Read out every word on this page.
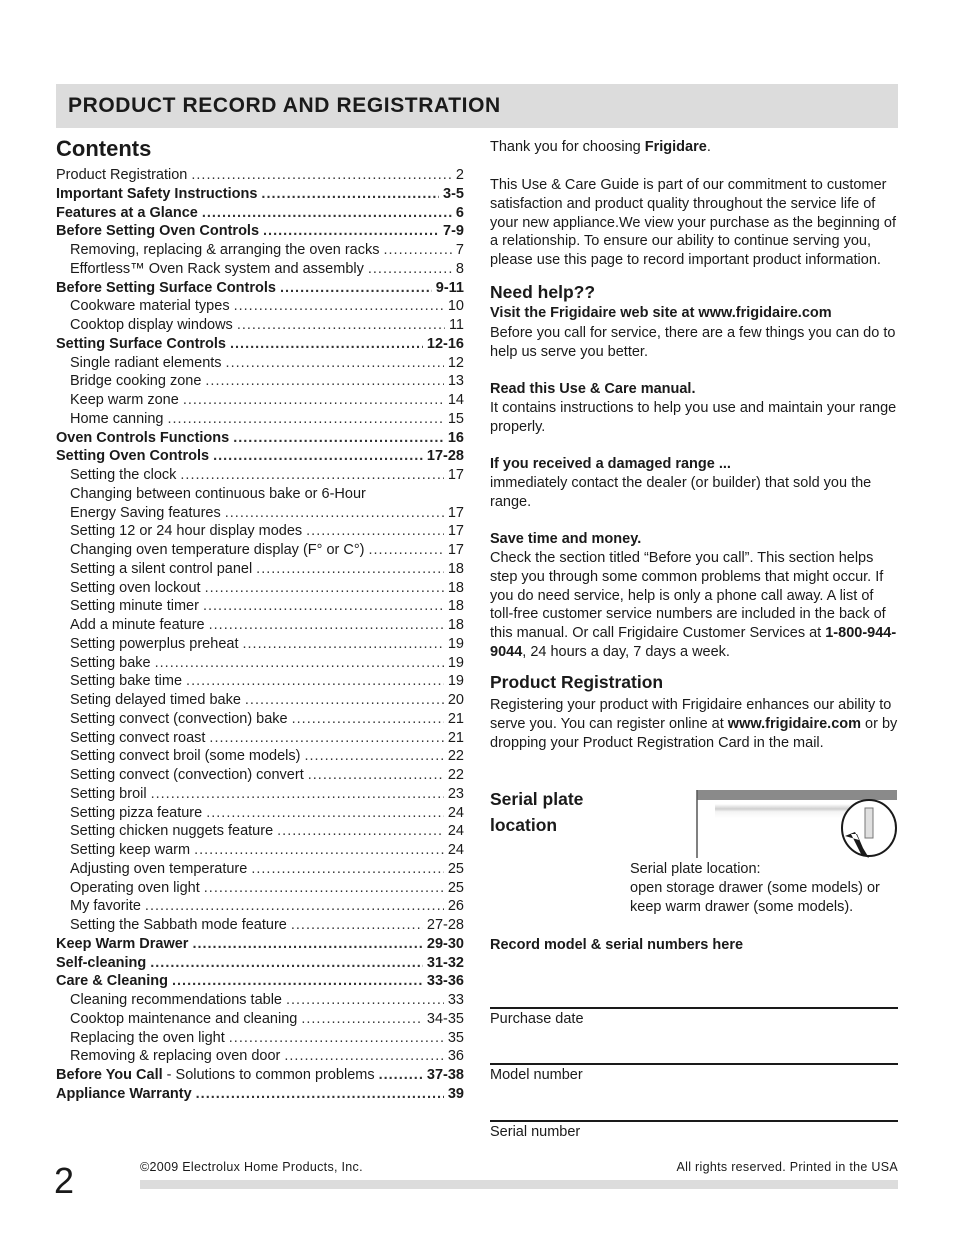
PRODUCT RECORD AND REGISTRATION
Contents
Product Registration .....	2
Important Safety Instructions .....	3-5
Features at a Glance .....	6
Before Setting Oven Controls .....	7-9
Removing, replacing & arranging the oven racks .....	7
Effortless™ Oven Rack system and assembly .....	8
Before Setting Surface Controls .....	9-11
Cookware material types .....	10
Cooktop display windows .....	11
Setting Surface Controls .....	12-16
Single radiant elements .....	12
Bridge cooking zone .....	13
Keep warm zone .....	14
Home canning .....	15
Oven Controls Functions .....	16
Setting Oven Controls .....	17-28
Setting the clock .....	17
Changing between continuous bake or 6-Hour
Energy Saving features .....	17
Setting 12 or 24 hour display modes .....	17
Changing oven temperature display (F° or C°) .....	17
Setting a silent control panel .....	18
Setting oven lockout .....	18
Setting minute timer .....	18
Add a minute feature .....	18
Setting powerplus preheat .....	19
Setting bake .....	19
Setting bake time .....	19
Seting delayed timed bake .....	20
Setting convect (convection) bake .....	21
Setting convect roast .....	21
Setting convect broil (some models) .....	22
Setting convect (convection) convert .....	22
Setting broil .....	23
Setting pizza feature .....	24
Setting chicken nuggets feature .....	24
Setting keep warm .....	24
Adjusting oven temperature .....	25
Operating oven light .....	25
My favorite .....	26
Setting the Sabbath mode feature .....	27-28
Keep Warm Drawer .....	29-30
Self-cleaning .....	31-32
Care & Cleaning .....	33-36
Cleaning recommendations table .....	33
Cooktop maintenance and cleaning .....	34-35
Replacing the oven light .....	35
Removing & replacing oven door .....	36
Before You Call - Solutions to common problems .....	37-38
Appliance Warranty .....	39
Thank you for choosing Frigidare.
This Use & Care Guide is part of our commitment to customer satisfaction and product quality throughout the service life of your new appliance.We view your purchase as the beginning of a relationship. To ensure our ability to continue serving you, please use this page to record important product information.
Need help??
Visit the Frigidaire web site at www.frigidaire.com
Before you call for service, there are a few things you can do to help us serve you better.
Read this Use & Care manual.
It contains instructions to help you use and maintain your range properly.
If you received a damaged range ...
immediately contact the dealer (or builder) that sold you the range.
Save time and money.
Check the section titled “Before you call”. This section helps step you through some common problems that might occur. If you do need service, help is only a phone call away. A list of toll-free customer service numbers are included in the back of this manual. Or call Frigidaire Customer Services at 1-800-944-9044, 24 hours a day, 7 days a week.
Product Registration
Registering your product with Frigidaire enhances our ability to serve you. You can register online at www.frigidaire.com or by dropping your Product Registration Card in the mail.
Serial plate location
Serial plate location:
open storage drawer (some models) or keep warm drawer (some models).
Record model & serial numbers here
Purchase date
Model number
Serial number
2	©2009 Electrolux Home Products, Inc.	All rights reserved. Printed in the USA
